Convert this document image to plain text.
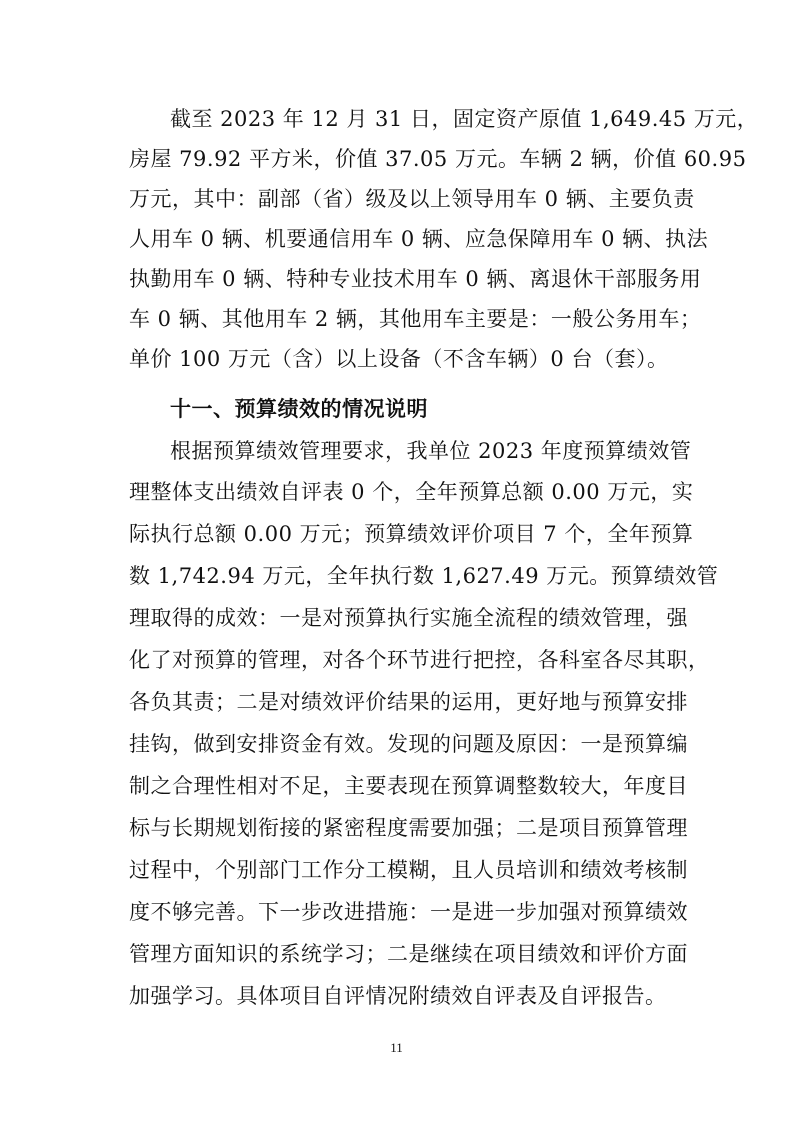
截至 2023 年 12 月 31 日，固定资产原值 1,649.45 万元，
房屋 79.92 平方米，价值 37.05 万元。车辆 2 辆，价值 60.95
万元，其中：副部（省）级及以上领导用车 0 辆、主要负责
人用车 0 辆、机要通信用车 0 辆、应急保障用车 0 辆、执法
执勤用车 0 辆、特种专业技术用车 0 辆、离退休干部服务用
车 0 辆、其他用车 2 辆，其他用车主要是：一般公务用车；
单价 100 万元（含）以上设备（不含车辆）0 台（套）。
十一、预算绩效的情况说明
根据预算绩效管理要求，我单位 2023 年度预算绩效管
理整体支出绩效自评表 0 个，全年预算总额 0.00 万元，实
际执行总额 0.00 万元；预算绩效评价项目 7 个，全年预算
数 1,742.94 万元，全年执行数 1,627.49 万元。预算绩效管
理取得的成效：一是对预算执行实施全流程的绩效管理，强
化了对预算的管理，对各个环节进行把控，各科室各尽其职，
各负其责；二是对绩效评价结果的运用，更好地与预算安排
挂钩，做到安排资金有效。发现的问题及原因：一是预算编
制之合理性相对不足，主要表现在预算调整数较大，年度目
标与长期规划衔接的紧密程度需要加强；二是项目预算管理
过程中，个别部门工作分工模糊，且人员培训和绩效考核制
度不够完善。下一步改进措施：一是进一步加强对预算绩效
管理方面知识的系统学习；二是继续在项目绩效和评价方面
加强学习。具体项目自评情况附绩效自评表及自评报告。
11
